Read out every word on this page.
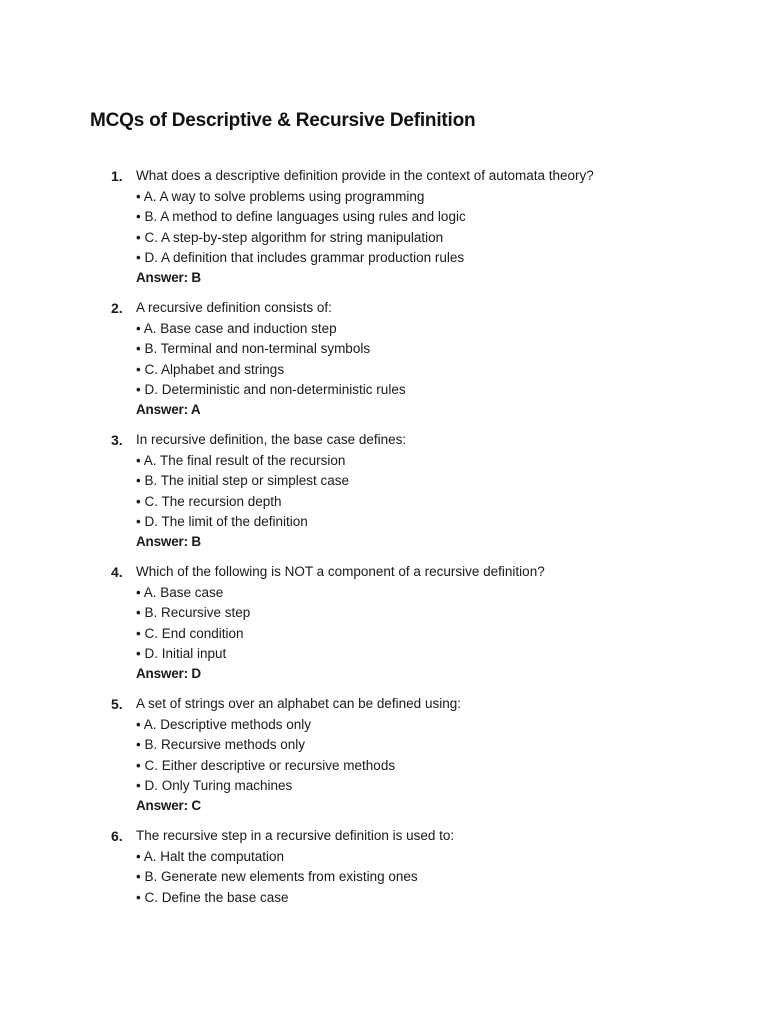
MCQs of Descriptive & Recursive Definition
1. What does a descriptive definition provide in the context of automata theory?
• A. A way to solve problems using programming
• B. A method to define languages using rules and logic
• C. A step-by-step algorithm for string manipulation
• D. A definition that includes grammar production rules
Answer: B
2. A recursive definition consists of:
• A. Base case and induction step
• B. Terminal and non-terminal symbols
• C. Alphabet and strings
• D. Deterministic and non-deterministic rules
Answer: A
3. In recursive definition, the base case defines:
• A. The final result of the recursion
• B. The initial step or simplest case
• C. The recursion depth
• D. The limit of the definition
Answer: B
4. Which of the following is NOT a component of a recursive definition?
• A. Base case
• B. Recursive step
• C. End condition
• D. Initial input
Answer: D
5. A set of strings over an alphabet can be defined using:
• A. Descriptive methods only
• B. Recursive methods only
• C. Either descriptive or recursive methods
• D. Only Turing machines
Answer: C
6. The recursive step in a recursive definition is used to:
• A. Halt the computation
• B. Generate new elements from existing ones
• C. Define the base case
